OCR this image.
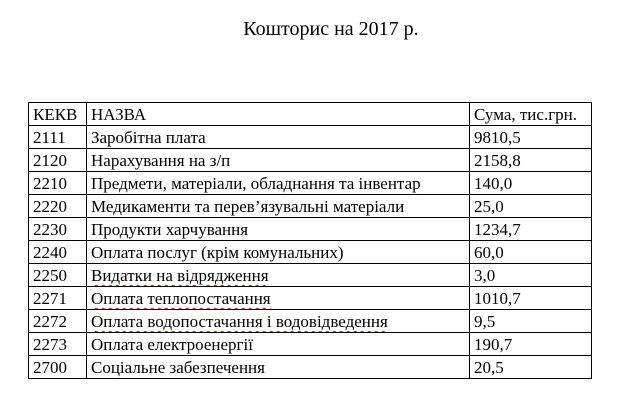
Кошторис на 2017 р.
КЕКВ	НАЗВА	Сума, тис.грн.
2111	Заробітна плата	9810,5
2120	Нарахування на з/п	2158,8
2210	Предмети, матеріали, обладнання та інвентар	140,0
2220	Медикаменти та перев’язувальні матеріали	25,0
2230	Продукти харчування	1234,7
2240	Оплата послуг (крім комунальних)	60,0
2250	Видатки на відрядження	3,0
2271	Оплата теплопостачання	1010,7
2272	Оплата водопостачання і водовідведення	9,5
2273	Оплата електроенергії	190,7
2700	Соціальне забезпечення	20,5
